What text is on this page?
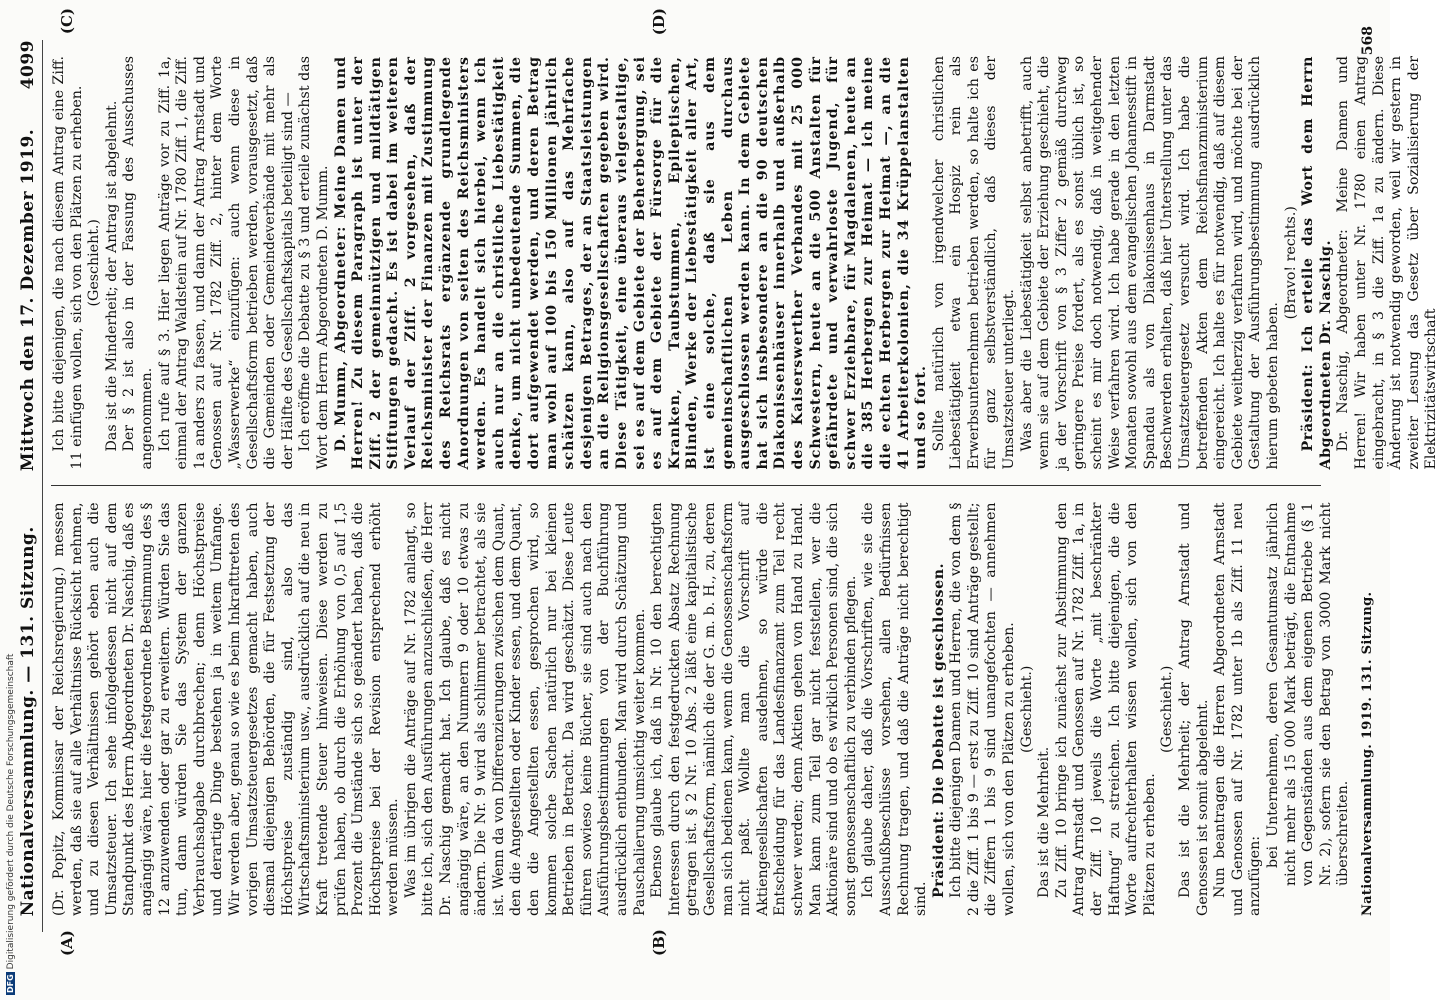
Nationalversammlung. — 131. Sitzung.
Mittwoch den 17. Dezember 1919.
4099
(A)	(B)
(C)	(D)

(Dr. Popitz, Kommissar der Reichsregierung.) messen werden, daß sie auf alle Verhältnisse Rücksicht nehmen, und zu diesen Verhältnissen gehört eben auch die Umsatzsteuer. Ich sehe infolgedessen nicht auf dem Standpunkt des Herrn Abgeordneten Dr. Naschig, daß es angängig wäre, hier die festgeordnete Bestimmung des § 12 anzuwenden oder gar zu erweitern. Würden Sie das tun, dann würden Sie das System der ganzen Verbrauchsabgabe durchbrechen; denn Höchstpreise und derartige Dinge bestehen ja in weitem Umfange. Wir werden aber, genau so wie es beim Inkrafttreten des vorigen Umsatzsteuergesetzes gemacht haben, auch diesmal diejenigen Behörden, die für Festsetzung der Höchstpreise zuständig sind, also das Wirtschaftsministerium usw., ausdrücklich auf die neu in Kraft tretende Steuer hinweisen. Diese werden zu prüfen haben, ob durch die Erhöhung von 0,5 auf 1,5 Prozent die Umstände sich so geändert haben, daß die Höchstpreise bei der Revision entsprechend erhöht werden müssen. Was im übrigen die Anträge auf Nr. 1782 anlangt, so bitte ich, sich den Ausführungen anzuschließen, die Herr Dr. Naschig gemacht hat. Ich glaube, daß es nicht angängig wäre, an den Nummern 9 oder 10 etwas zu ändern. Die Nr. 9 wird als schlimmer betrachtet, als sie ist. Wenn da von Differenzierungen zwischen dem Quant, den die Angestellten oder Kinder essen, und dem Quant, den die Angestellten essen, gesprochen wird, so kommen solche Sachen natürlich nur bei kleinen Betrieben in Betracht. Da wird geschätzt. Diese Leute führen sowieso keine Bücher, sie sind auch nach den Ausführungsbestimmungen von der Buchführung ausdrücklich entbunden. Man wird durch Schätzung und Pauschalierung umsichtig weiter kommen. Ebenso glaube ich, daß in Nr. 10 den berechtigten Interessen durch den festgedruckten Absatz Rechnung getragen ist. § 2 Nr. 10 Abs. 2 läßt eine kapitalistische Gesellschaftsform, nämlich die der G. m. b. H., zu, deren man sich bedienen kann, wenn die Genossenschaftsform nicht paßt. Wollte man die Vorschrift auf Aktiengesellschaften ausdehnen, so würde die Entscheidung für das Landesfinanzamt zum Teil recht schwer werden; denn Aktien gehen von Hand zu Hand. Man kann zum Teil gar nicht feststellen, wer die Aktionäre sind und ob es wirklich Personen sind, die sich sonst genossenschaftlich zu verbinden pflegen. Ich glaube daher, daß die Vorschriften, wie sie die Ausschußbeschlüsse vorsehen, allen Bedürfnissen Rechnung tragen, und daß die Anträge nicht berechtigt sind.

Präsident: Die Debatte ist geschlossen. Ich bitte diejenigen Damen und Herren, die von dem § 2 die Ziff. 1 bis 9 — erst zu Ziff. 10 sind Anträge gestellt; die Ziffern 1 bis 9 sind unangefochten — annehmen wollen, sich von den Plätzen zu erheben. (Geschieht.)

Das ist die Mehrheit. Zu Ziff. 10 bringe ich zunächst zur Abstimmung den Antrag Arnstadt und Genossen auf Nr. 1782 Ziff. 1a, in der Ziff. 10 jeweils die Worte „mit beschränkter Haftung“ zu streichen. Ich bitte diejenigen, die die Worte aufrechterhalten wissen wollen, sich von den Plätzen zu erheben.

(Geschieht.) Das ist die Mehrheit; der Antrag Arnstadt und Genossen ist somit abgelehnt. Nun beantragen die Herren Abgeordneten Arnstadt und Genossen auf Nr. 1782 unter 1b als Ziff. 11 neu anzufügen:

bei Unternehmen, deren Gesamtumsatz jährlich nicht mehr als 15 000 Mark beträgt, die Entnahme von Gegenständen aus dem eigenen Betriebe (§ 1 Nr. 2), sofern sie den Betrag von 3000 Mark nicht überschreiten. Nationalversammlung. 1919. 131. Sitzung.

Ich bitte diejenigen, die nach diesem Antrag eine Ziff. 11 einfügen wollen, sich von den Plätzen zu erheben. (Geschieht.) Das ist die Minderheit; der Antrag ist abgelehnt. Der § 2 ist also in der Fassung des Ausschusses angenommen. Ich rufe auf § 3. Hier liegen Anträge vor zu Ziff. 1a, einmal der Antrag Waldstein auf Nr. 1780 Ziff. 1, die Ziff. 1a anders zu fassen, und dann der Antrag Arnstadt und Genossen auf Nr. 1782 Ziff. 2, hinter dem Worte „Wasserwerke“ einzufügen: auch wenn diese in Gesellschaftsform betrieben werden, vorausgesetzt, daß die Gemeinden oder Gemeindeverbände mit mehr als der Hälfte des Gesellschaftskapitals beteiligt sind — Ich eröffne die Debatte zu § 3 und erteile zunächst das Wort dem Herrn Abgeordneten D. Mumm. D. Mumm, Abgeordneter: Meine Damen und Herren! Zu diesem Paragraph ist unter der Ziff. 2 der gemeinnützigen und mildtätigen Stiftungen gedacht. Es ist dabei im weiteren Verlauf der Ziff. 2 vorgesehen, daß der Reichsminister der Finanzen mit Zustimmung des Reichsrats ergänzende grundlegende Anordnungen von seiten des Reichsministers werden. Es handelt sich hierbei, wenn ich auch nur an die christliche Liebestätigkeit denke, um nicht unbedeutende Summen, die dort aufgewendet werden, und deren Betrag man wohl auf 100 bis 150 Millionen jährlich schätzen kann, also auf das Mehrfache desjenigen Betrages, der an Staatsleistungen an die Religionsgesellschaften gegeben wird. Diese Tätigkeit, eine überaus vielgestaltige, sei es auf dem Gebiete der Beherbergung, sei es auf dem Gebiete der Fürsorge für die Kranken, Taubstummen, Epileptischen, Blinden, Werke der Liebestätigkeit aller Art, ist eine solche, daß sie aus dem gemeinschaftlichen Leben durchaus ausgeschlossen werden kann. In dem Gebiete hat sich insbesondere an die 90 deutschen Diakonissenhäuser innerhalb und außerhalb des Kaiserswerther Verbandes mit 25 000 Schwestern, heute an die 500 Anstalten für gefährdete und verwahrloste Jugend, für schwer Erziehbare, für Magdalenen, heute an die 385 Herbergen zur Heimat — ich meine die echten Herbergen zur Heimat —, an die 41 Arbeiterkolonien, die 34 Krüppelanstalten und so fort. Sollte natürlich von irgendwelcher christlichen Liebestätigkeit etwa ein Hospiz rein als Erwerbsunternehmen betrieben werden, so halte ich es für ganz selbstverständlich, daß dieses der Umsatzsteuer unterliegt. Was aber die Liebestätigkeit selbst anbetrifft, auch wenn sie auf dem Gebiete der Erziehung geschieht, die ja der Vorschrift von § 3 Ziffer 2 gemäß durchweg geringere Preise fordert, als es sonst üblich ist, so scheint es mir doch notwendig, daß in weitgehender Weise verfahren wird. Ich habe gerade in den letzten Monaten sowohl aus dem evangelischen Johannesstift in Spandau als von Diakonissenhaus in Darmstadt Beschwerden erhalten, daß hier Unterstellung unter das Umsatzsteuergesetz versucht wird. Ich habe die betreffenden Akten dem Reichsfinanzministerium eingereicht. Ich halte es für notwendig, daß auf diesem Gebiete weitherzig verfahren wird, und möchte bei der Gestaltung der Ausführungsbestimmung ausdrücklich hierum gebeten haben.

(Bravo! rechts.) Präsident: Ich erteile das Wort dem Herrn Abgeordneten Dr. Naschig. Dr. Naschig, Abgeordneter: Meine Damen und Herren! Wir haben unter Nr. 1780 einen Antrag eingebracht, in § 3 die Ziff. 1a zu ändern. Diese Änderung ist notwendig geworden, weil wir gestern in zweiter Lesung das Gesetz über Sozialisierung der Elektrizitätswirtschaft

568
DFGDigitalisierung gefördert durch die Deutsche Forschungsgemeinschaft
